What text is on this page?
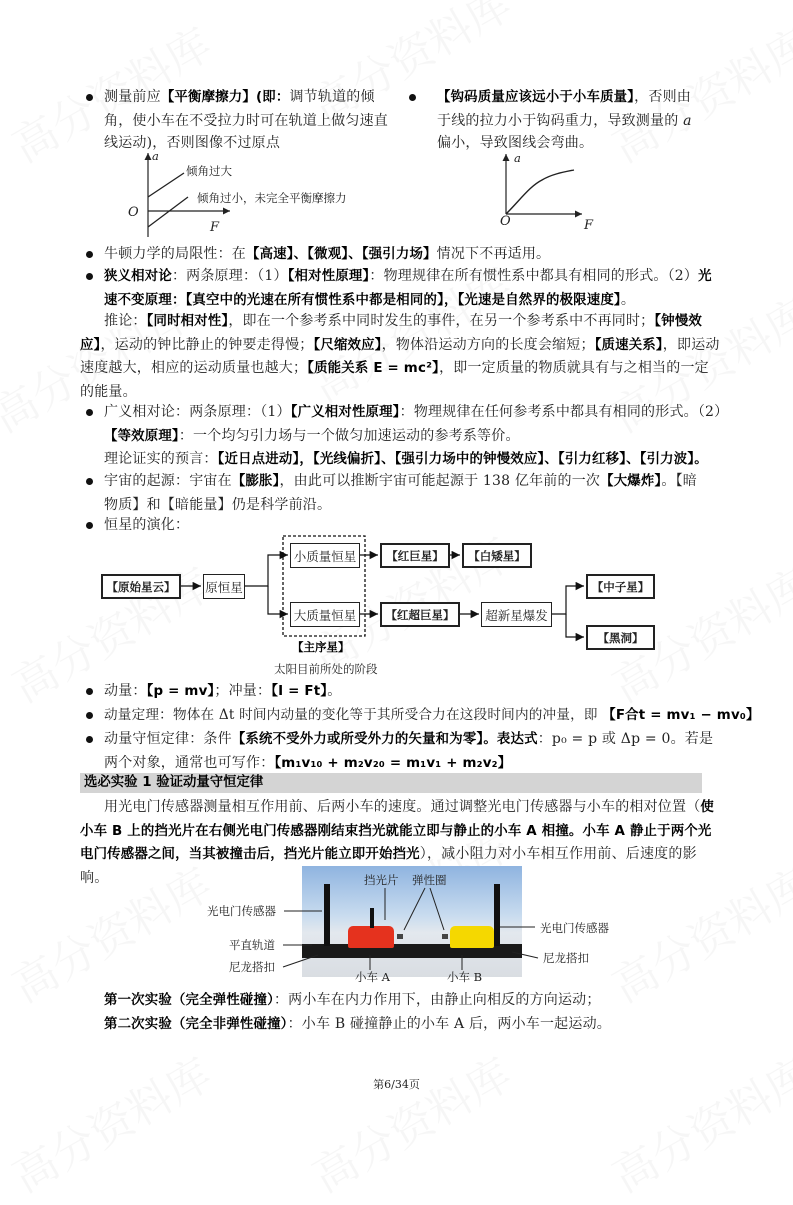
测量前应【平衡摩擦力】(即：调节轨道的倾角，使小车在不受拉力时可在轨道上做匀速直线运动)，否则图像不过原点
【钩码质量应该远小于小车质量】，否则由于线的拉力小于钩码重力，导致测量的 a 偏小，导致图线会弯曲。
a
O
F
倾角过大
倾角过小，未完全平衡摩擦力
a
O	F
牛顿力学的局限性：在【高速】、【微观】、【强引力场】情况下不再适用。
狭义相对论：两条原理：（1）【相对性原理】：物理规律在所有惯性系中都具有相同的形式。（2）光速不变原理：【真空中的光速在所有惯性系中都是相同的】，【光速是自然界的极限速度】。
推论：【同时相对性】，即在一个参考系中同时发生的事件，在另一个参考系中不再同时；【钟慢效应】，运动的钟比静止的钟要走得慢；【尺缩效应】，物体沿运动方向的长度会缩短；【质速关系】，即运动速度越大，相应的运动质量也越大；【质能关系 E = mc²】，即一定质量的物质就具有与之相当的一定的能量。
广义相对论：两条原理：（1）【广义相对性原理】：物理规律在任何参考系中都具有相同的形式。（2）【等效原理】：一个均匀引力场与一个做匀加速运动的参考系等价。
理论证实的预言：【近日点进动】，【光线偏折】、【强引力场中的钟慢效应】、【引力红移】、【引力波】。
宇宙的起源：宇宙在【膨胀】，由此可以推断宇宙可能起源于 138 亿年前的一次【大爆炸】。【暗物质】和【暗能量】仍是科学前沿。
恒星的演化：
【原始星云】	原恒星
小质量恒星
大质量恒星
【红巨星】	【白矮星】
【红超巨星】	超新星爆发
【中子星】
【黑洞】
【主序星】
太阳目前所处的阶段
动量：【p = mv】；冲量：【I = Ft】。
动量定理：物体在 Δt 时间内动量的变化等于其所受合力在这段时间内的冲量，即 【F合t = mv₁ − mv₀】
动量守恒定律：条件【系统不受外力或所受外力的矢量和为零】。表达式：p₀ = p 或 Δp = 0。若是两个对象，通常也可写作：【m₁v₁₀ + m₂v₂₀ = m₁v₁ + m₂v₂】
选必实验 1 验证动量守恒定律
用光电门传感器测量相互作用前、后两小车的速度。通过调整光电门传感器与小车的相对位置（使小车 B 上的挡光片在右侧光电门传感器刚结束挡光就能立即与静止的小车 A 相撞。小车 A 静止于两个光电门传感器之间，当其被撞击后，挡光片能立即开始挡光），减小阻力对小车相互作用前、后速度的影响。
光电门传感器
挡光片 弹性圈
平直轨道
尼龙搭扣
小车 A	小车 B
光电门传感器
尼龙搭扣
第一次实验（完全弹性碰撞）：两小车在内力作用下，由静止向相反的方向运动；
第二次实验（完全非弹性碰撞）：小车 B 碰撞静止的小车 A 后，两小车一起运动。
第6/34页
